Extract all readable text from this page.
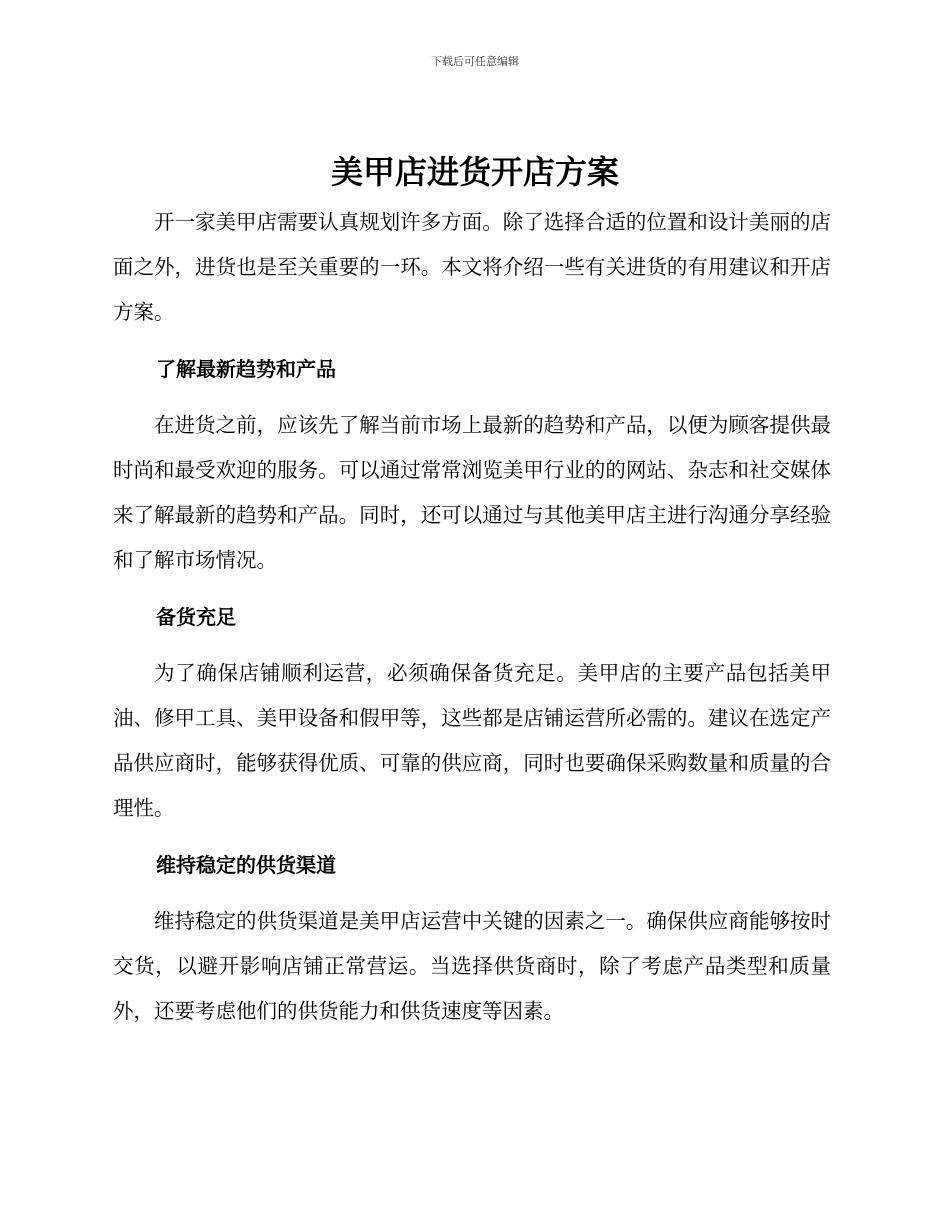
下载后可任意编辑
美甲店进货开店方案

开一家美甲店需要认真规划许多方面。除了选择合适的位置和设计美丽的店面之外，进货也是至关重要的一环。本文将介绍一些有关进货的有用建议和开店方案。

了解最新趋势和产品

在进货之前，应该先了解当前市场上最新的趋势和产品，以便为顾客提供最时尚和最受欢迎的服务。可以通过常常浏览美甲行业的的网站、杂志和社交媒体来了解最新的趋势和产品。同时，还可以通过与其他美甲店主进行沟通分享经验和了解市场情况。

备货充足

为了确保店铺顺利运营，必须确保备货充足。美甲店的主要产品包括美甲油、修甲工具、美甲设备和假甲等，这些都是店铺运营所必需的。建议在选定产品供应商时，能够获得优质、可靠的供应商，同时也要确保采购数量和质量的合理性。

维持稳定的供货渠道

维持稳定的供货渠道是美甲店运营中关键的因素之一。确保供应商能够按时交货，以避开影响店铺正常营运。当选择供货商时，除了考虑产品类型和质量外，还要考虑他们的供货能力和供货速度等因素。
